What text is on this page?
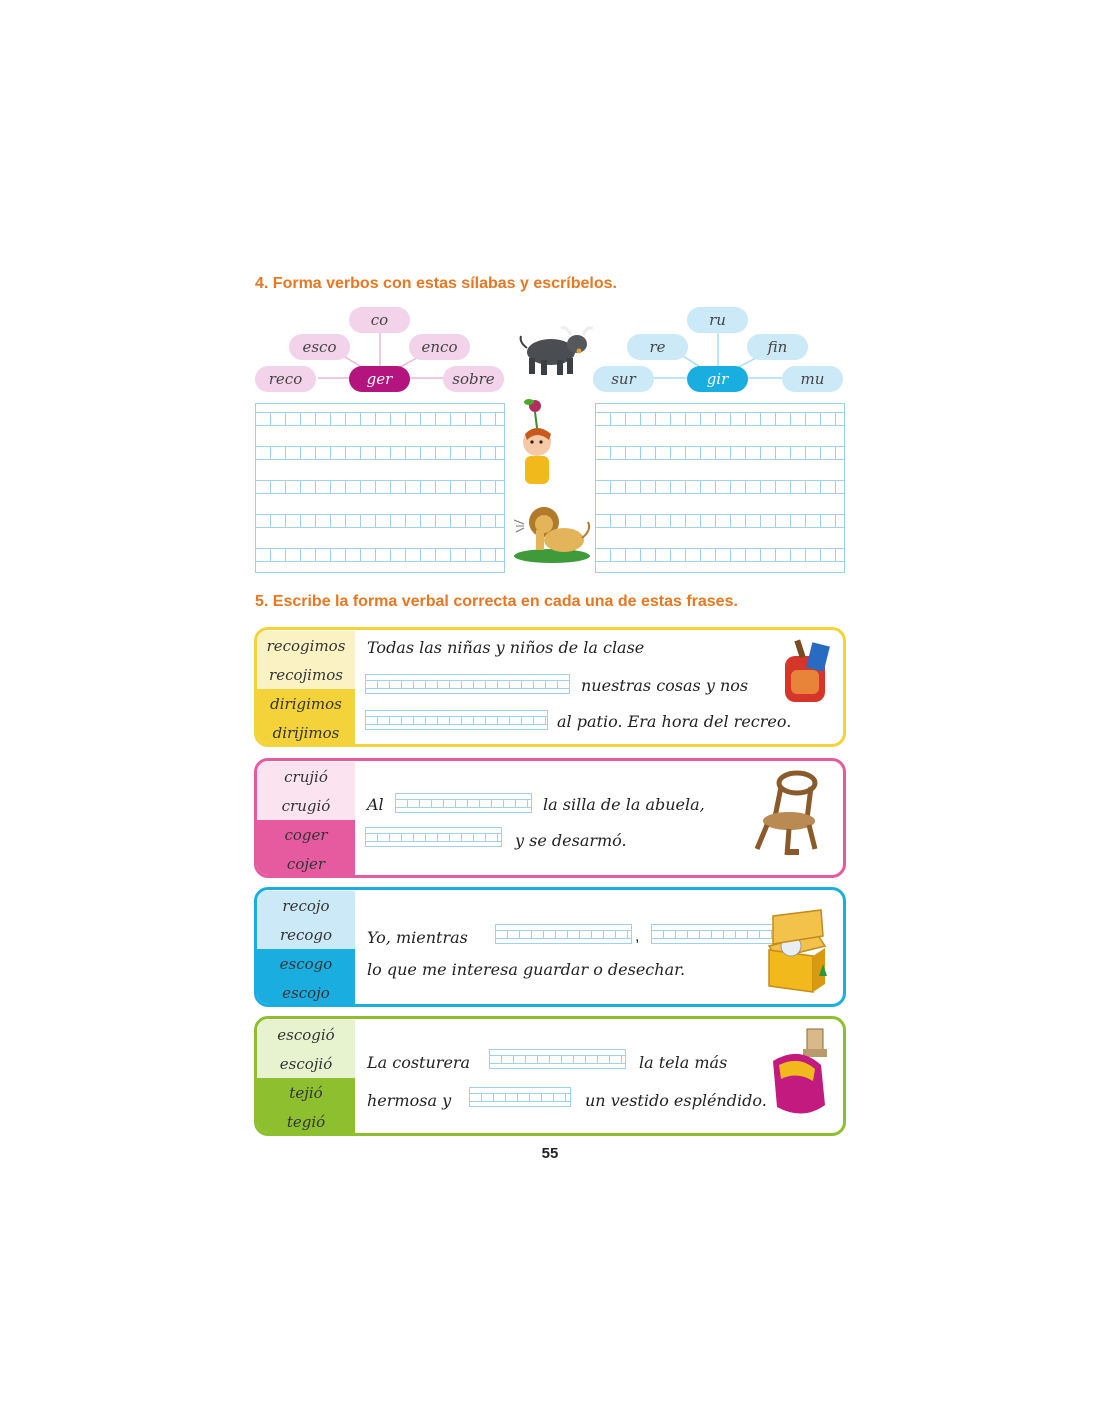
4. Forma verbos con estas sílabas y escríbelos.
co
esco	enco
reco	ger	sobre
ru
re	fin
sur	gir	mu
5. Escribe la forma verbal correcta en cada una de estas frases.
recogimos
recojimos
dirigimos
dirijimos
Todas las niñas y niños de la clase
nuestras cosas y nos
al patio. Era hora del recreo.
crujió
crugió
coger
cojer
Al	la silla de la abuela,
y se desarmó.
recojo
recogo
escogo
escojo
Yo, mientras	,
lo que me interesa guardar o desechar.
escogió
escojió
tejió
tegió
La costurera	la tela más
hermosa y	un vestido espléndido.
55
